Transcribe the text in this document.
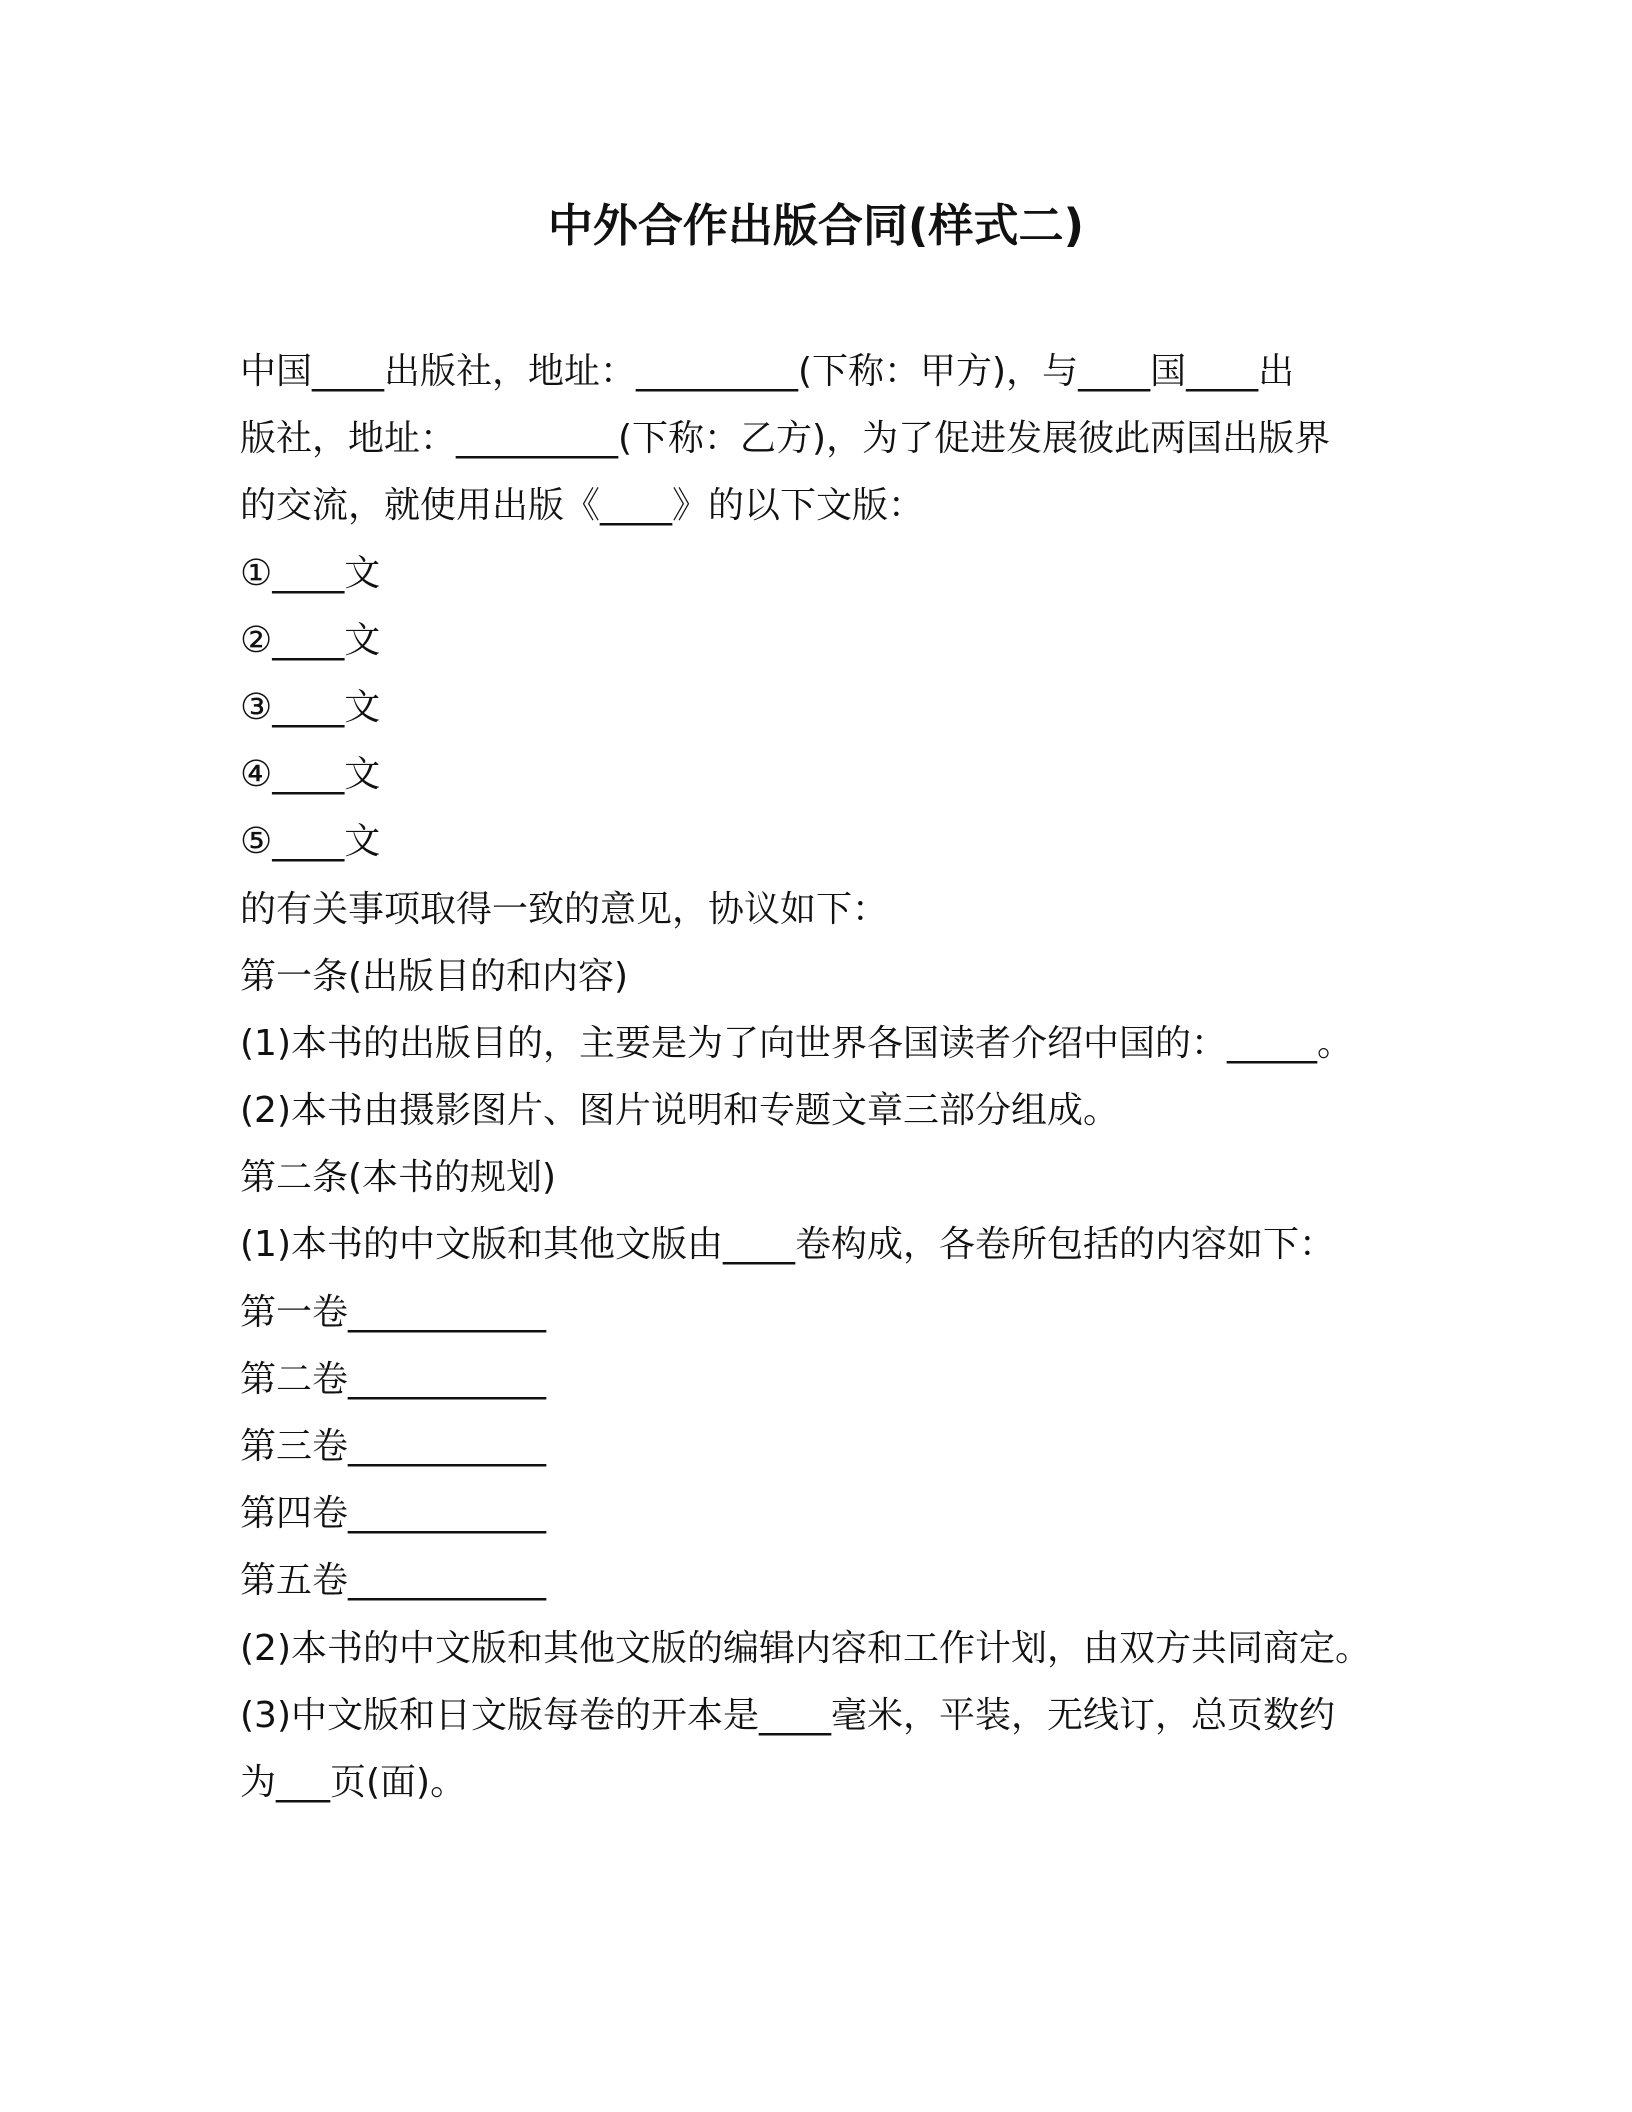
中外合作出版合同(样式二)
中国____出版社，地址：_________(下称：甲方)，与____国____出
版社，地址：_________(下称：乙方)，为了促进发展彼此两国出版界
的交流，就使用出版《____》的以下文版：
①____文
②____文
③____文
④____文
⑤____文
的有关事项取得一致的意见，协议如下：
第一条(出版目的和内容)
(1)本书的出版目的，主要是为了向世界各国读者介绍中国的：_____。
(2)本书由摄影图片、图片说明和专题文章三部分组成。
第二条(本书的规划)
(1)本书的中文版和其他文版由____卷构成，各卷所包括的内容如下：
第一卷___________
第二卷___________
第三卷___________
第四卷___________
第五卷___________
(2)本书的中文版和其他文版的编辑内容和工作计划，由双方共同商定。
(3)中文版和日文版每卷的开本是____毫米，平装，无线订，总页数约
为___页(面)。
